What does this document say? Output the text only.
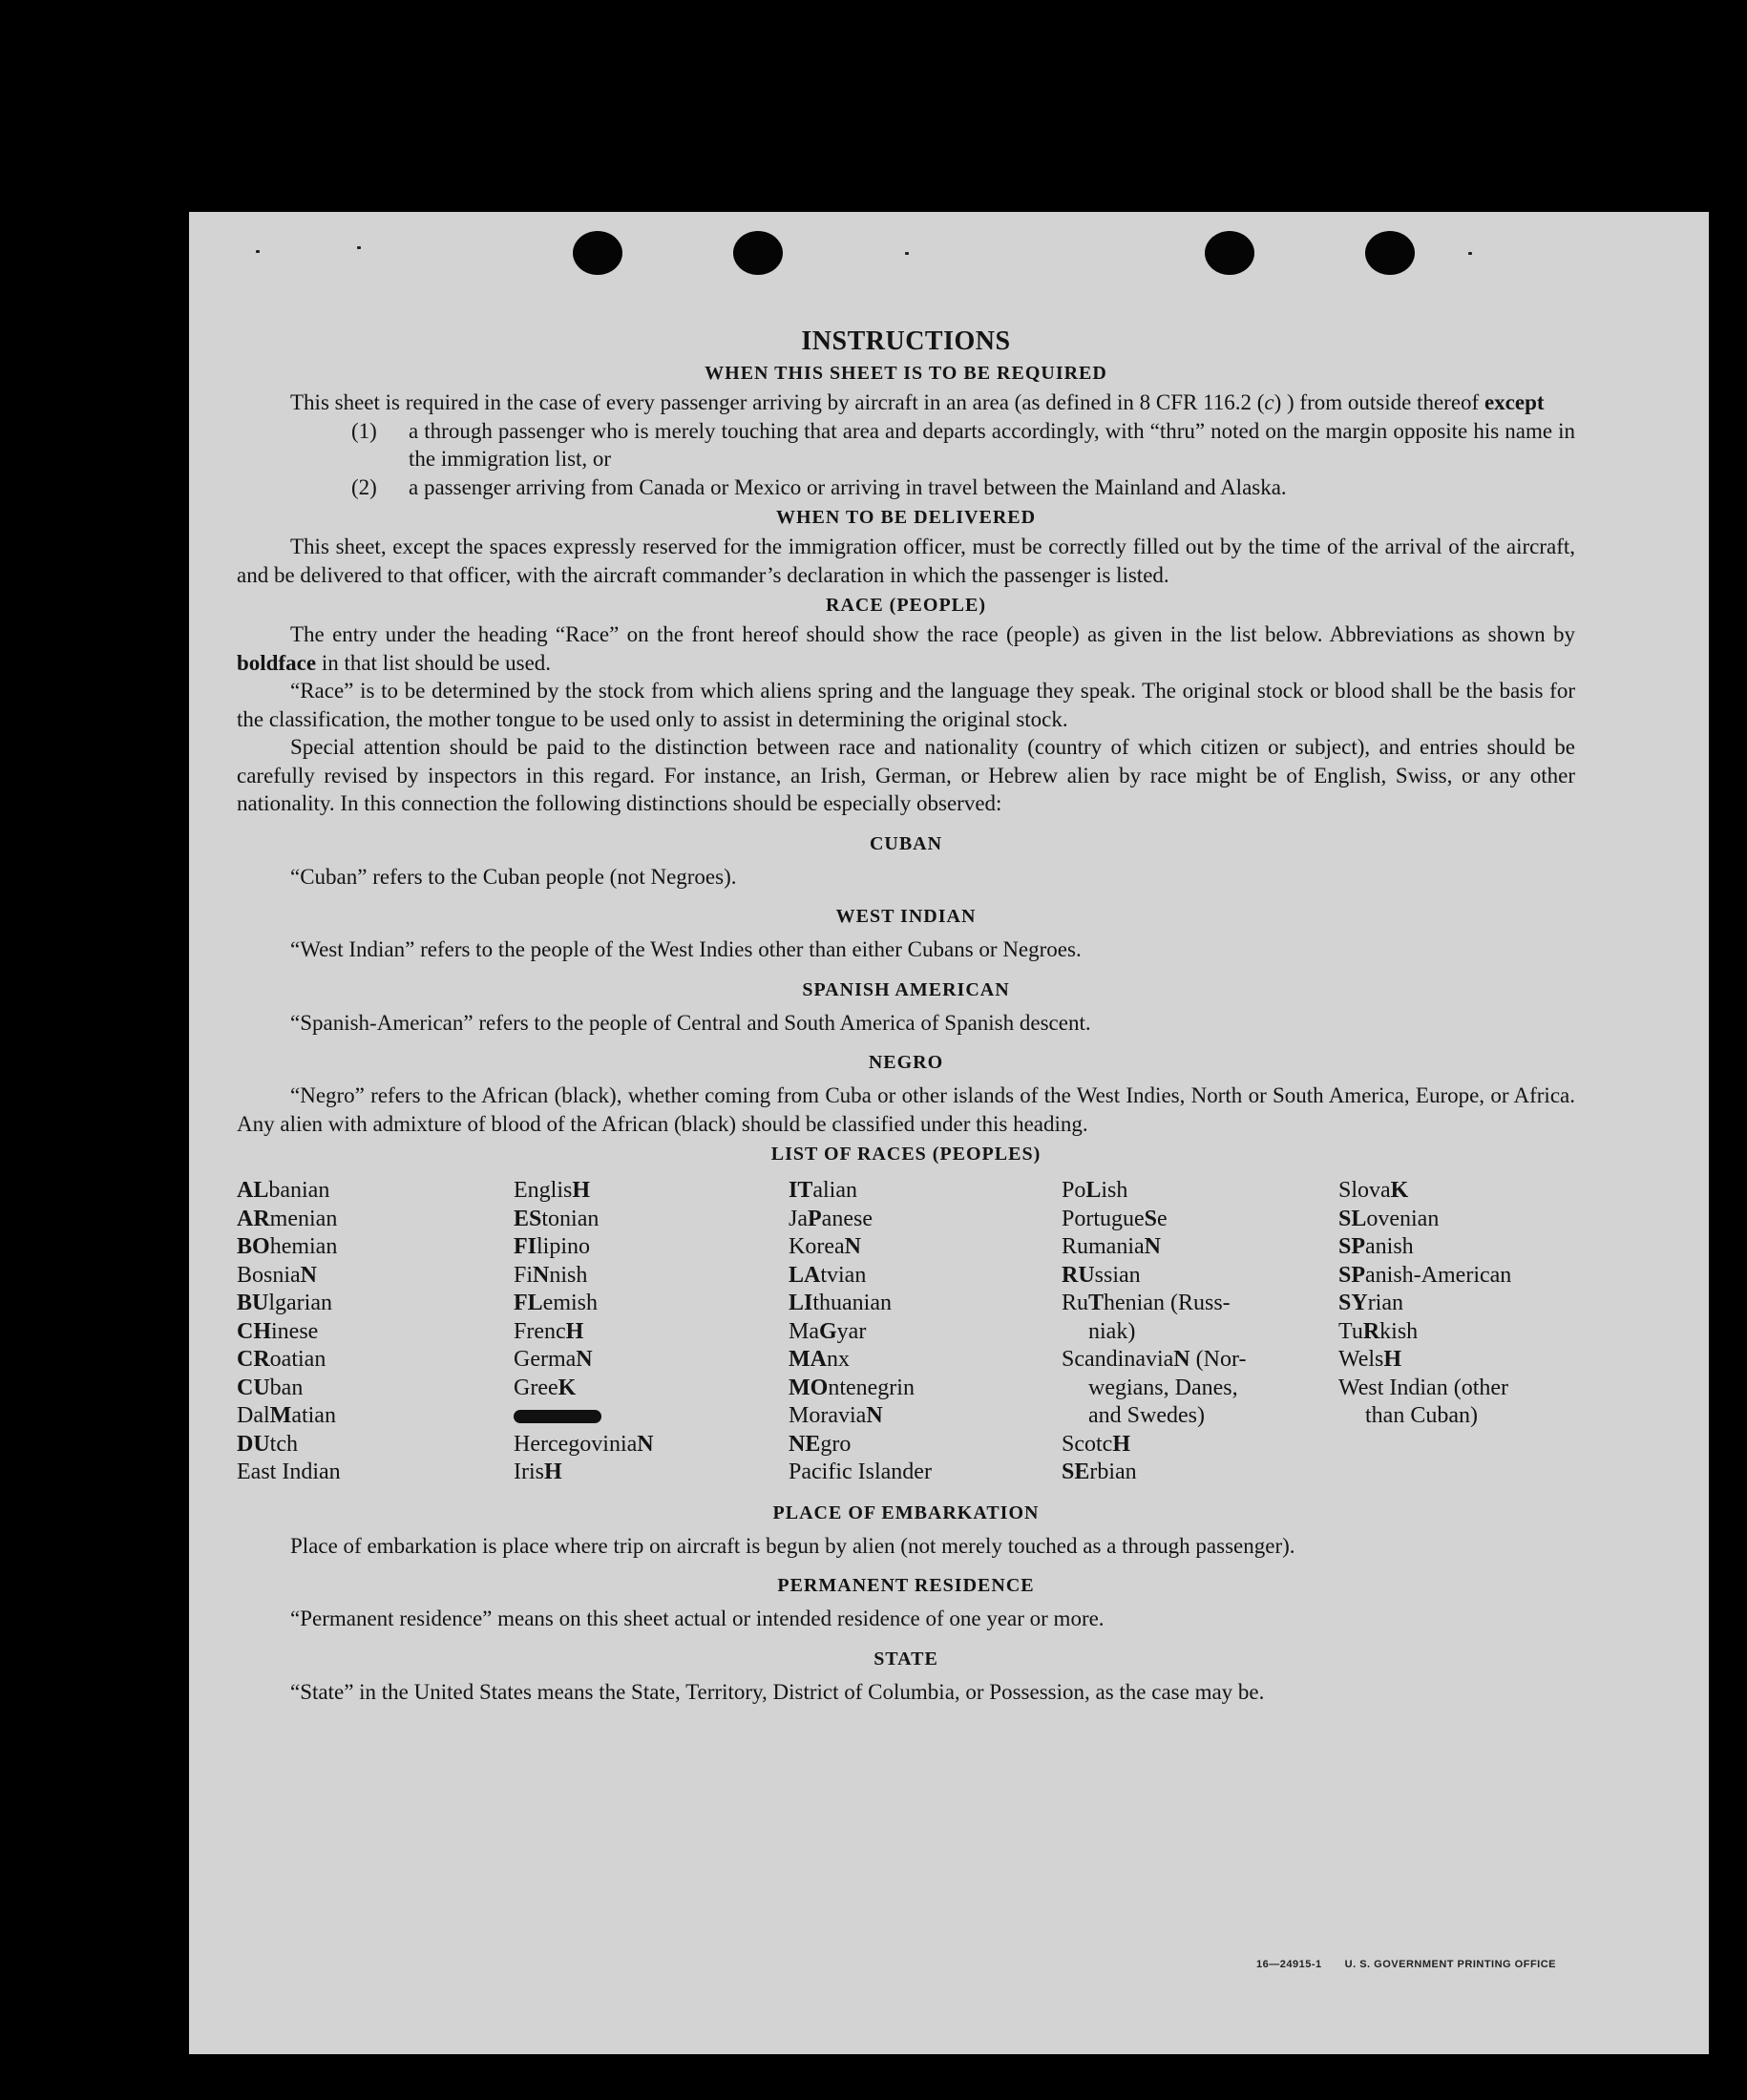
INSTRUCTIONS
WHEN THIS SHEET IS TO BE REQUIRED

This sheet is required in the case of every passenger arriving by aircraft in an area (as defined in 8 CFR 116.2 (c) ) from outside thereof except

(1)	a through passenger who is merely touching that area and departs accordingly, with “thru” noted on the margin opposite his name in the immigration list, or
(2)	a passenger arriving from Canada or Mexico or arriving in travel between the Mainland and Alaska.
WHEN TO BE DELIVERED

This sheet, except the spaces expressly reserved for the immigration officer, must be correctly filled out by the time of the arrival of the aircraft, and be delivered to that officer, with the aircraft commander’s declaration in which the passenger is listed.

RACE (PEOPLE)

The entry under the heading “Race” on the front hereof should show the race (people) as given in the list below. Abbreviations as shown by boldface in that list should be used.

“Race” is to be determined by the stock from which aliens spring and the language they speak. The original stock or blood shall be the basis for the classification, the mother tongue to be used only to assist in determining the original stock.

Special attention should be paid to the distinction between race and nationality (country of which citizen or subject), and entries should be carefully revised by inspectors in this regard. For instance, an Irish, German, or Hebrew alien by race might be of English, Swiss, or any other nationality. In this connection the following distinctions should be especially observed:

CUBAN

“Cuban” refers to the Cuban people (not Negroes).

WEST INDIAN

“West Indian” refers to the people of the West Indies other than either Cubans or Negroes.

SPANISH AMERICAN

“Spanish-American” refers to the people of Central and South America of Spanish descent.

NEGRO

“Negro” refers to the African (black), whether coming from Cuba or other islands of the West Indies, North or South America, Europe, or Africa. Any alien with admixture of blood of the African (black) should be classified under this heading.

LIST OF RACES (PEOPLES)
ALbanian
ARmenian
BOhemian
BosniaN
BUlgarian
CHinese
CRoatian
CUban
DalMatian
DUtch
East Indian
EnglisH
EStonian
FIlipino
FiNnish
FLemish
FrencH
GermaN
GreeK
HercegoviniaN
IrisH
ITalian
JaPanese
KoreaN
LAtvian
LIthuanian
MaGyar
MAnx
MOntenegrin
MoraviaN
NEgro
Pacific Islander
PoLish
PortugueSe
RumaniaN
RUssian
RuThenian (Russ-
niak)
ScandinaviaN (Nor-
wegians, Danes,
and Swedes)
ScotcH
SErbian
SlovaK
SLovenian
SPanish
SPanish-American
SYrian
TuRkish
WelsH
West Indian (other
than Cuban)
PLACE OF EMBARKATION

Place of embarkation is place where trip on aircraft is begun by alien (not merely touched as a through passenger).

PERMANENT RESIDENCE

“Permanent residence” means on this sheet actual or intended residence of one year or more.

STATE

“State” in the United States means the State, Territory, District of Columbia, or Possession, as the case may be.

16—24915-1 U. S. GOVERNMENT PRINTING OFFICE
